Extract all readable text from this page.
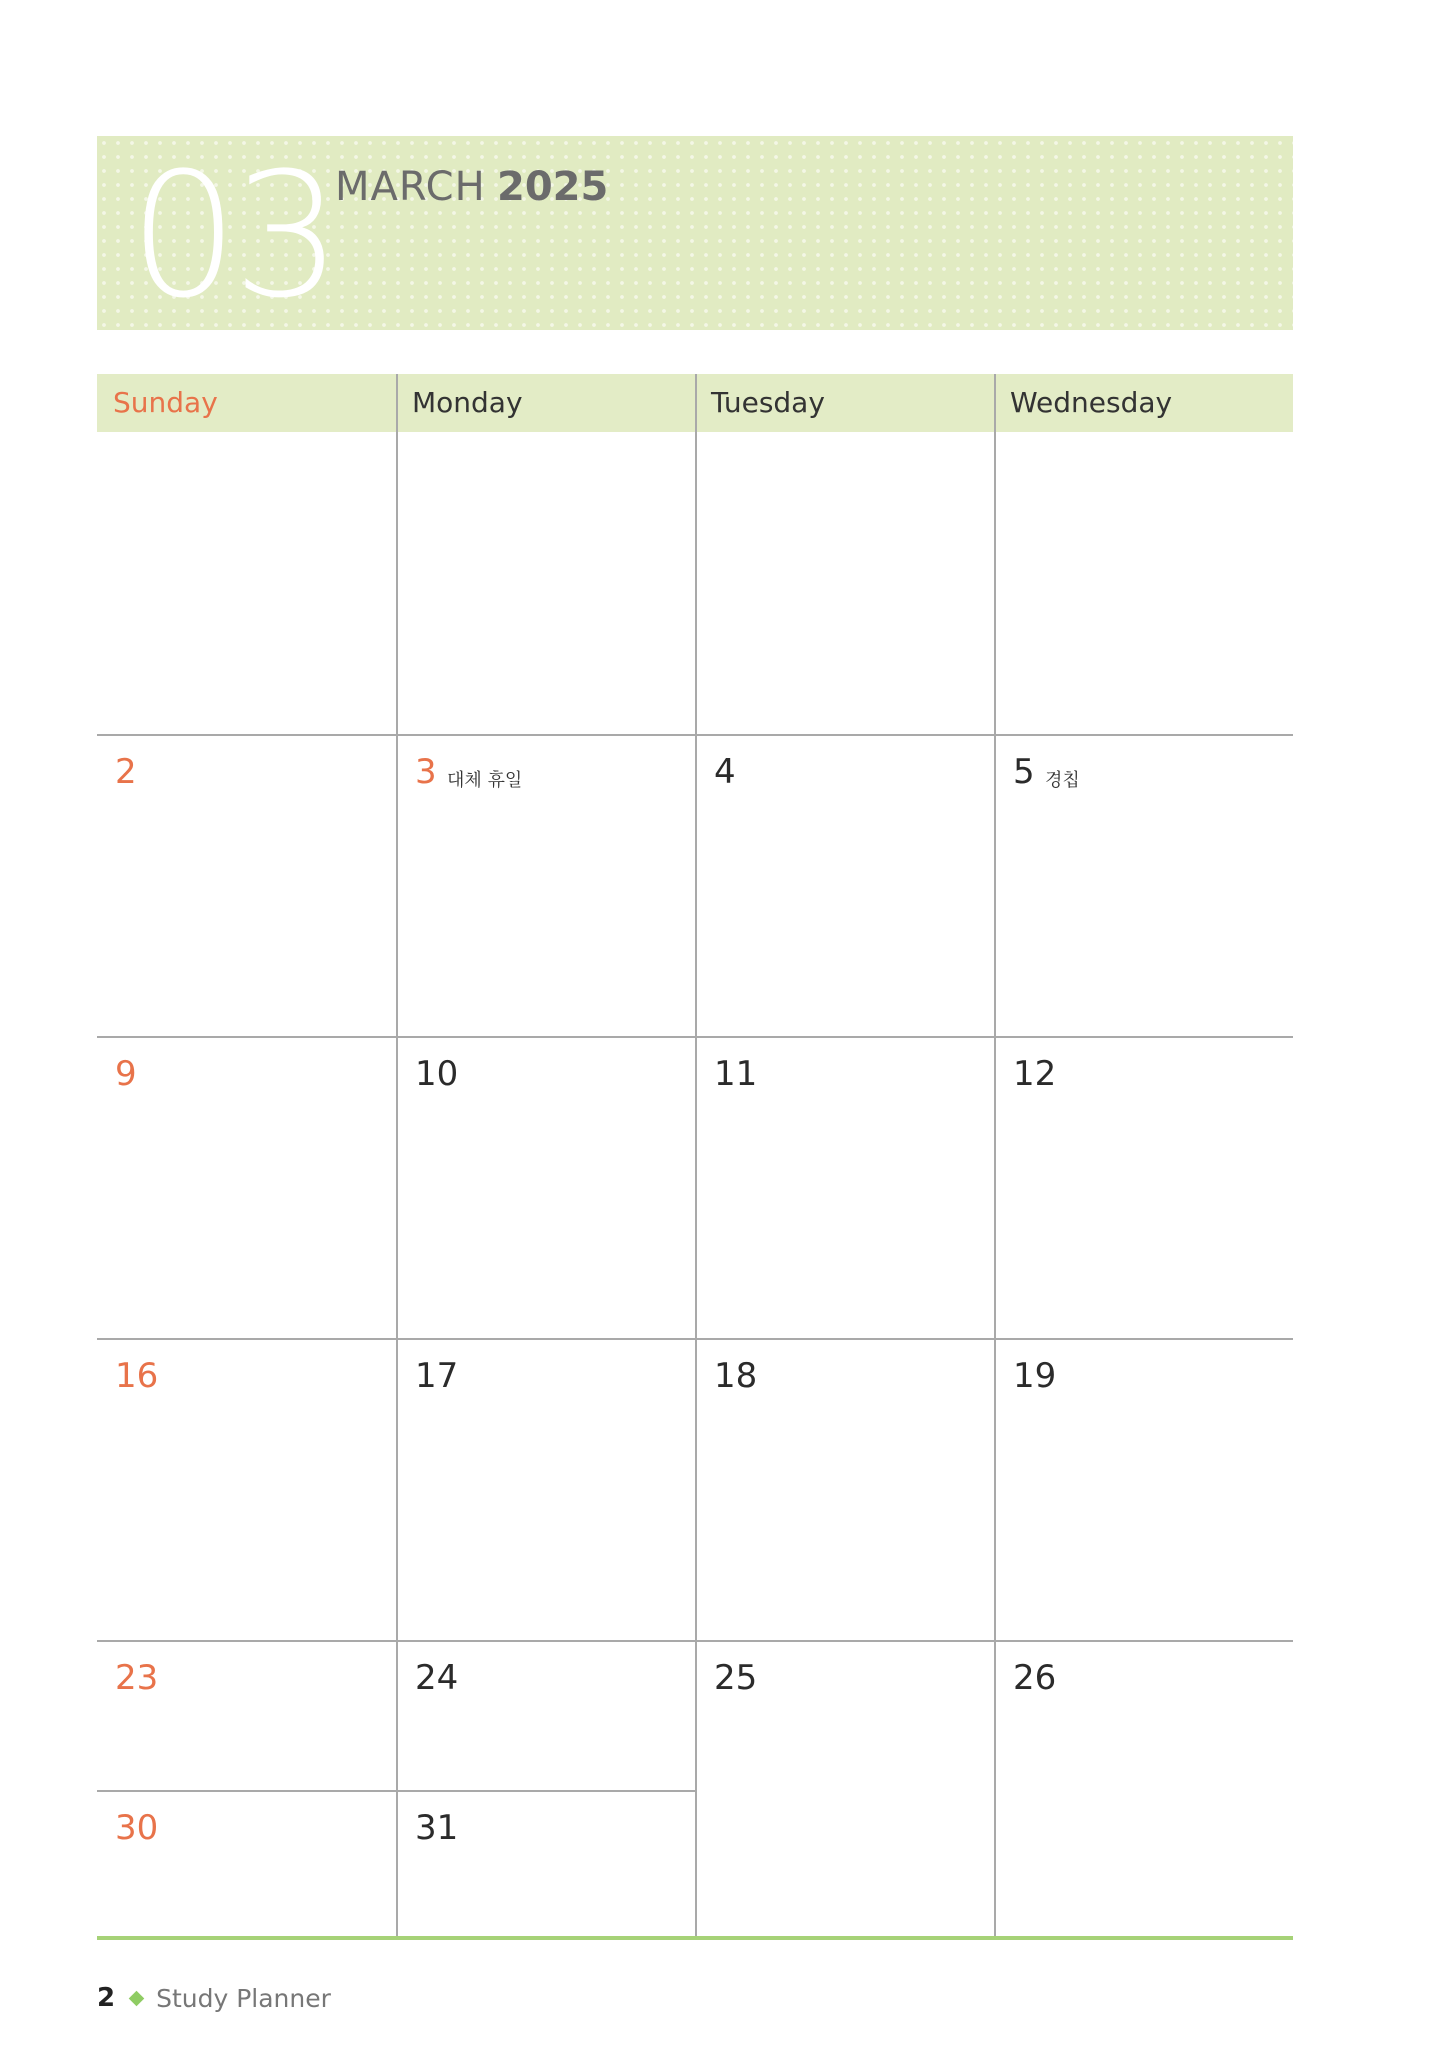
03 MARCH 2025
Sunday	Monday	Tuesday	Wednesday
2	3 대체 휴일	4	5 경칩
9	10	11	12
16	17	18	19
23	24	25	26
30	31
2 Study Planner
